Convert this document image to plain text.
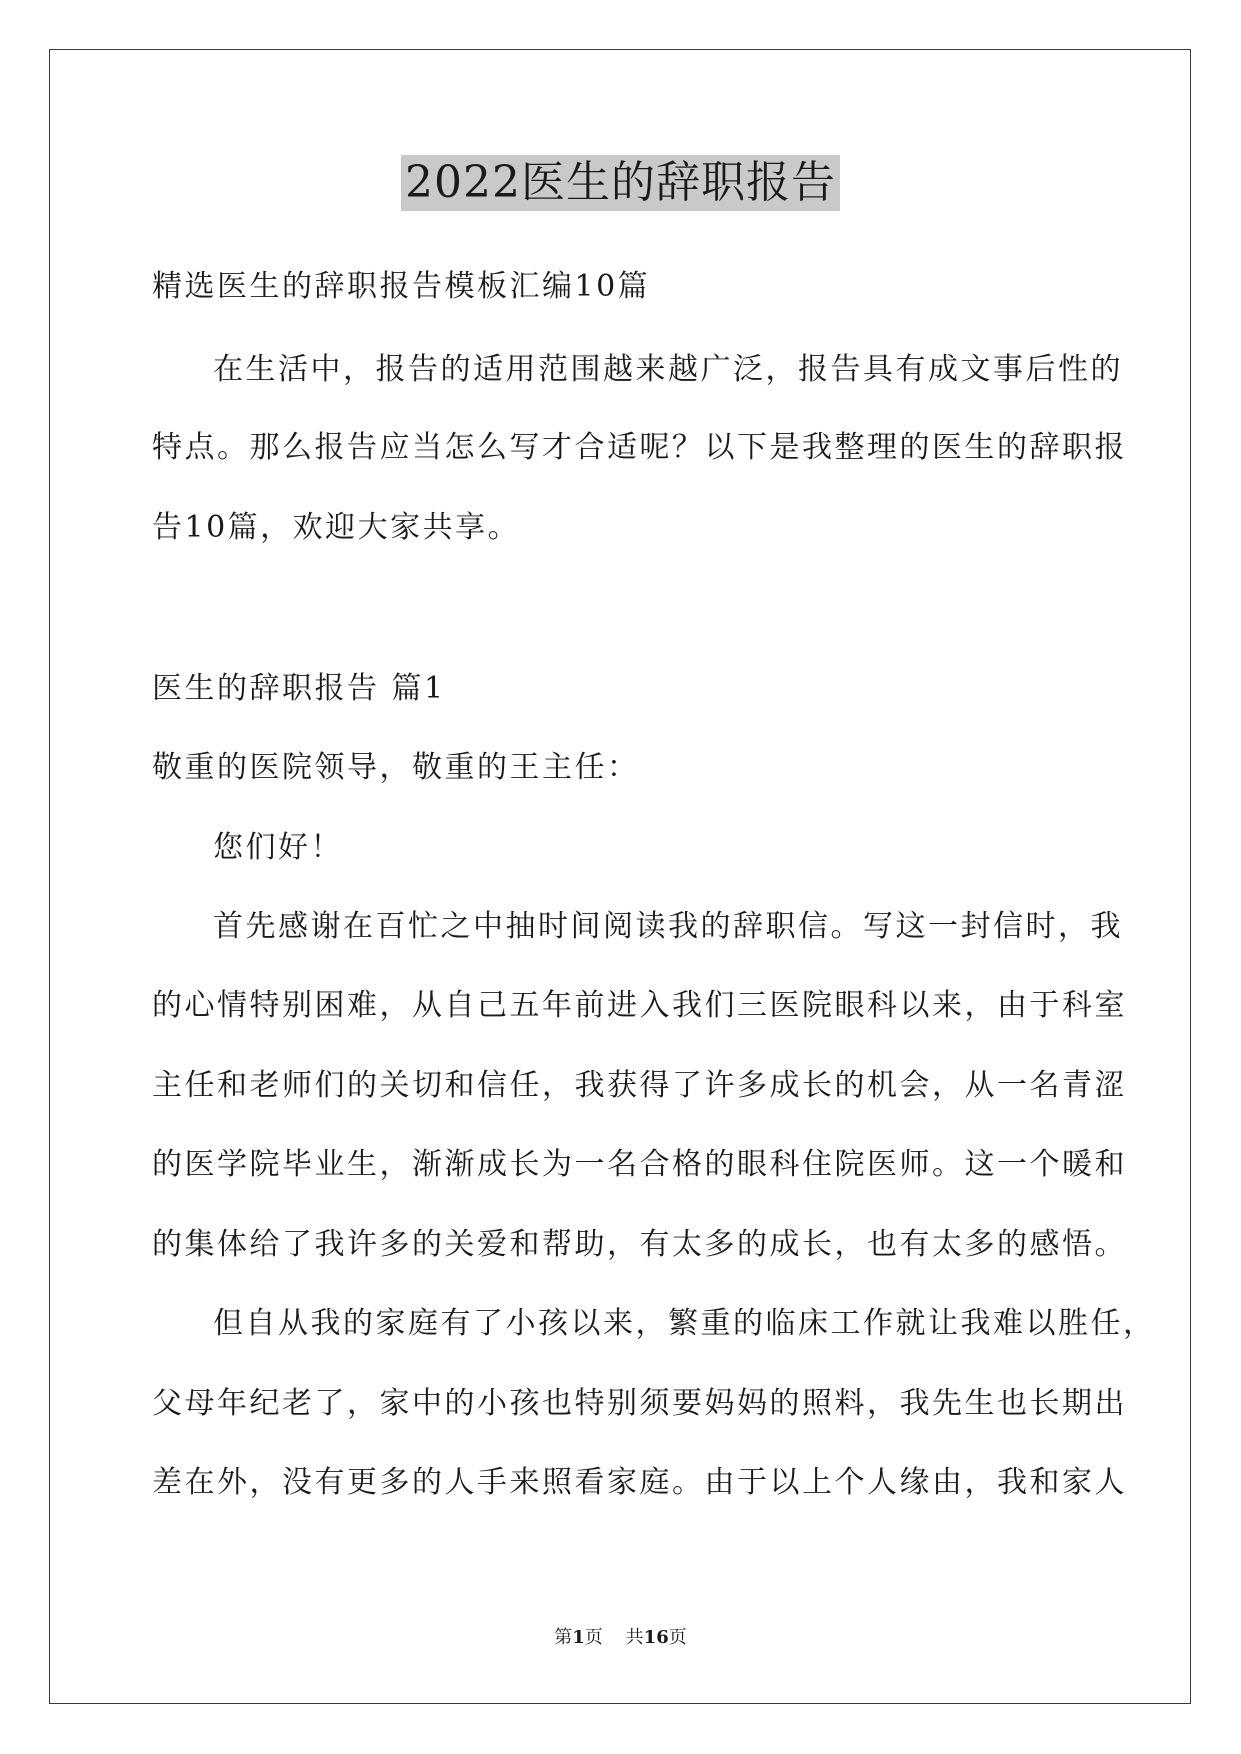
2022医生的辞职报告
精选医生的辞职报告模板汇编10篇
在生活中，报告的适用范围越来越广泛，报告具有成文事后性的
特点。那么报告应当怎么写才合适呢？以下是我整理的医生的辞职报
告10篇，欢迎大家共享。
医生的辞职报告 篇1
敬重的医院领导，敬重的王主任：
您们好！
首先感谢在百忙之中抽时间阅读我的辞职信。写这一封信时，我
的心情特别困难，从自己五年前进入我们三医院眼科以来，由于科室
主任和老师们的关切和信任，我获得了许多成长的机会，从一名青涩
的医学院毕业生，渐渐成长为一名合格的眼科住院医师。这一个暖和
的集体给了我许多的关爱和帮助，有太多的成长，也有太多的感悟。
但自从我的家庭有了小孩以来，繁重的临床工作就让我难以胜任，
父母年纪老了，家中的小孩也特别须要妈妈的照料，我先生也长期出
差在外，没有更多的人手来照看家庭。由于以上个人缘由，我和家人
第1页 共16页
